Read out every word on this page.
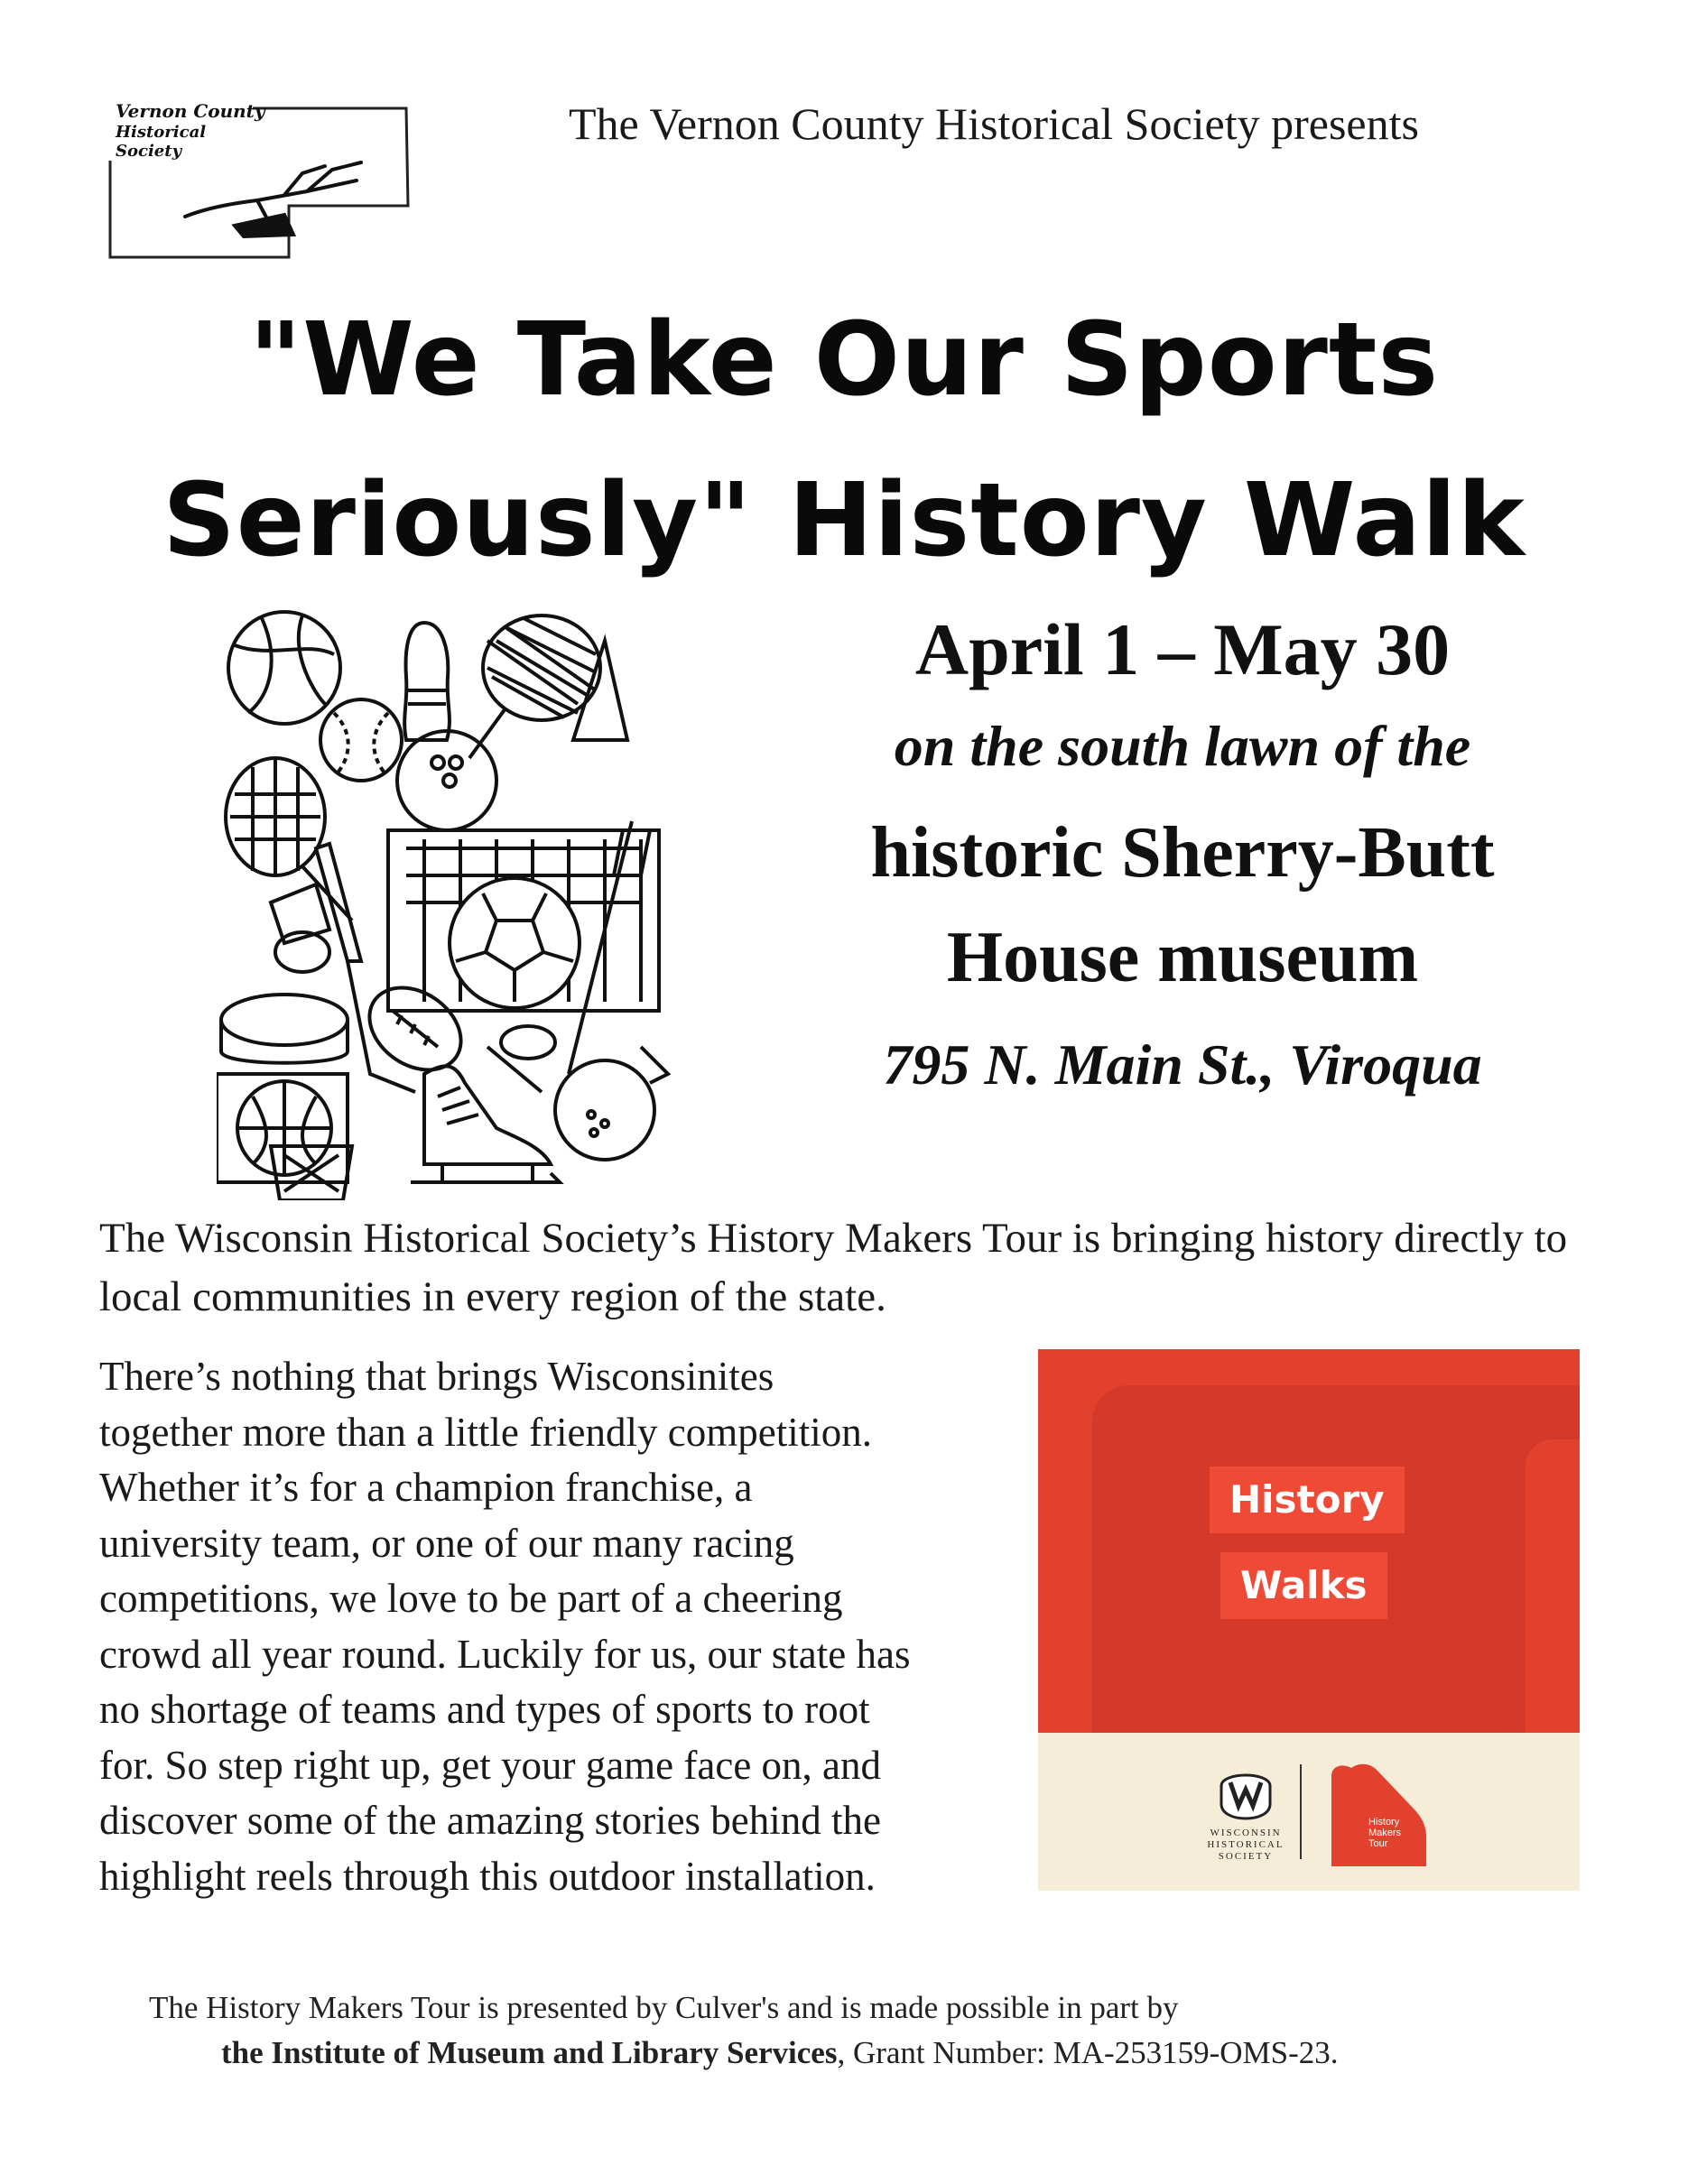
Vernon County
Historical
Society
The Vernon County Historical Society presents
"We Take Our Sports
Seriously" History Walk
April 1 – May 30
on the south lawn of the
historic Sherry-Butt
House museum
795 N. Main St., Viroqua
The Wisconsin Historical Society’s History Makers Tour is bringing history directly to local communities in every region of the state.
There’s nothing that brings Wisconsinites
together more than a little friendly competition.
Whether it’s for a champion franchise, a
university team, or one of our many racing
competitions, we love to be part of a cheering
crowd all year round. Luckily for us, our state has
no shortage of teams and types of sports to root
for. So step right up, get your game face on, and
discover some of the amazing stories behind the
highlight reels through this outdoor installation.
History
Walks
WISCONSIN
HISTORICAL
SOCIETY
History
Makers
Tour
The History Makers Tour is presented by Culver's and is made possible in part by
the Institute of Museum and Library Services, Grant Number: MA-253159-OMS-23.
